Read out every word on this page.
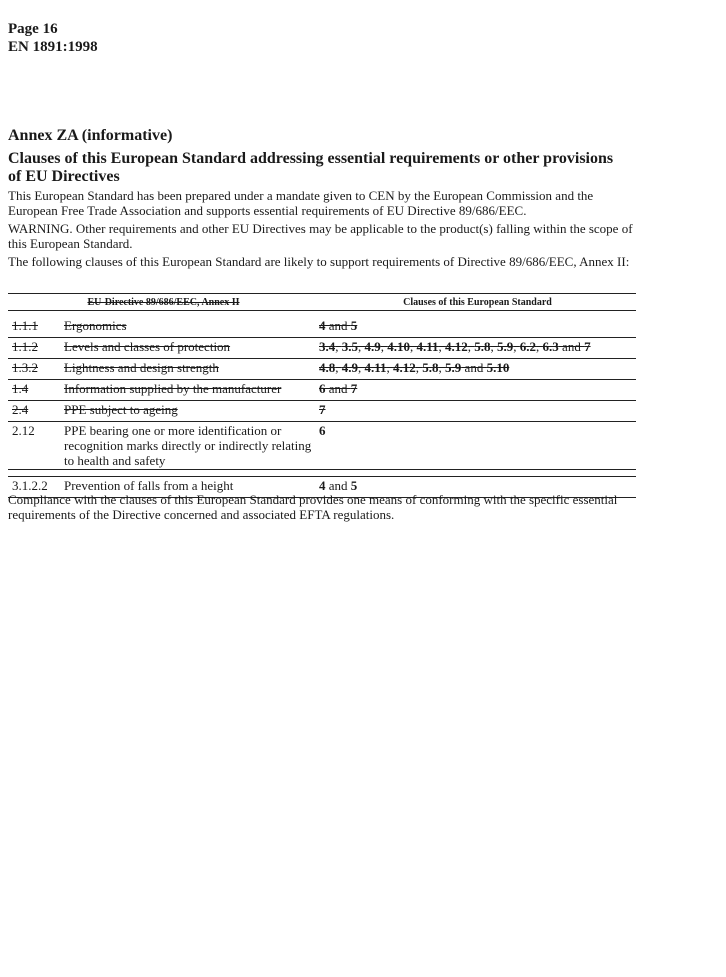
Page 16
EN 1891:1998
Annex ZA (informative)
Clauses of this European Standard addressing essential requirements or other provisions of EU Directives
This European Standard has been prepared under a mandate given to CEN by the European Commission and the European Free Trade Association and supports essential requirements of EU Directive 89/686/EEC.
WARNING. Other requirements and other EU Directives may be applicable to the product(s) falling within the scope of this European Standard.
The following clauses of this European Standard are likely to support requirements of Directive 89/686/EEC, Annex II:
EU-Directive 89/686/EEC, Annex II		Clauses of this European Standard

1.1.1	Ergonomics	4 and 5
1.1.2	Levels and classes of protection	3.4, 3.5, 4.9, 4.10, 4.11, 4.12, 5.8, 5.9, 6.2, 6.3 and 7
1.3.2	Lightness and design strength	4.8, 4.9, 4.11, 4.12, 5.8, 5.9 and 5.10
1.4	Information supplied by the manufacturer	6 and 7
2.4	PPE subject to ageing	7
2.12	PPE bearing one or more identification or recognition marks directly or indirectly relating to health and safety	6

3.1.2.2	Prevention of falls from a height	4 and 5
Compliance with the clauses of this European Standard provides one means of conforming with the specific essential requirements of the Directive concerned and associated EFTA regulations.
